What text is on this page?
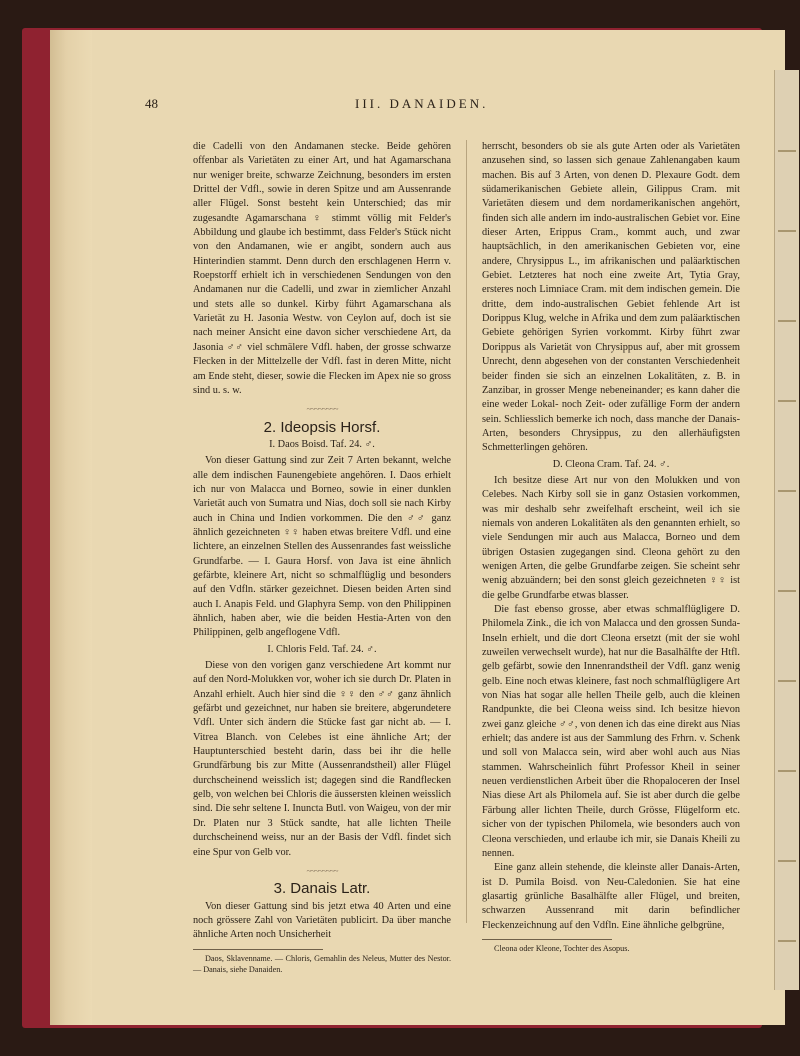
48	III. DANAIDEN.

die Cadelli von den Andamanen stecke. Beide gehören offenbar als Varietäten zu einer Art, und hat Agamarschana nur weniger breite, schwarze Zeichnung, besonders im ersten Drittel der Vdfl., sowie in deren Spitze und am Aussenrande aller Flügel. Sonst besteht kein Unterschied; das mir zugesandte Agamarschana ♀ stimmt völlig mit Felder's Abbildung und glaube ich bestimmt, dass Felder's Stück nicht von den Andamanen, wie er angibt, sondern auch aus Hinterindien stammt. Denn durch den erschlagenen Herrn v. Roepstorff erhielt ich in verschiedenen Sendungen von den Andamanen nur die Cadelli, und zwar in ziemlicher Anzahl und stets alle so dunkel. Kirby führt Agamarschana als Varietät zu H. Jasonia Westw. von Ceylon auf, doch ist sie nach meiner Ansicht eine davon sicher verschiedene Art, da Jasonia ♂♂ viel schmälere Vdfl. haben, der grosse schwarze Flecken in der Mittelzelle der Vdfl. fast in deren Mitte, nicht am Ende steht, dieser, sowie die Flecken im Apex nie so gross sind u. s. w.

~~~~~~~~
2. Ideopsis Horsf.
I. Daos Boisd. Taf. 24. ♂.

Von dieser Gattung sind zur Zeit 7 Arten bekannt, welche alle dem indischen Faunengebiete angehören. I. Daos erhielt ich nur von Malacca und Borneo, sowie in einer dunklen Varietät auch von Sumatra und Nias, doch soll sie nach Kirby auch in China und Indien vorkommen. Die den ♂♂ ganz ähnlich gezeichneten ♀♀ haben etwas breitere Vdfl. und eine lichtere, an einzelnen Stellen des Aussenrandes fast weissliche Grundfarbe. — I. Gaura Horsf. von Java ist eine ähnlich gefärbte, kleinere Art, nicht so schmalflüglig und besonders auf den Vdfln. stärker gezeichnet. Diesen beiden Arten sind auch I. Anapis Feld. und Glaphyra Semp. von den Philippinen ähnlich, haben aber, wie die beiden Hestia-Arten von den Philippinen, gelb angeflogene Vdfl.

I. Chloris Feld. Taf. 24. ♂.

Diese von den vorigen ganz verschiedene Art kommt nur auf den Nord-Molukken vor, woher ich sie durch Dr. Platen in Anzahl erhielt. Auch hier sind die ♀♀ den ♂♂ ganz ähnlich gefärbt und gezeichnet, nur haben sie breitere, abgerundetere Vdfl. Unter sich ändern die Stücke fast gar nicht ab. — I. Vitrea Blanch. von Celebes ist eine ähnliche Art; der Hauptunterschied besteht darin, dass bei ihr die helle Grundfärbung bis zur Mitte (Aussenrandstheil) aller Flügel durchscheinend weisslich ist; dagegen sind die Randflecken gelb, von welchen bei Chloris die äussersten kleinen weisslich sind. Die sehr seltene I. Inuncta Butl. von Waigeu, von der mir Dr. Platen nur 3 Stück sandte, hat alle lichten Theile durchscheinend weiss, nur an der Basis der Vdfl. findet sich eine Spur von Gelb vor.

~~~~~~~~
3. Danais Latr.

Von dieser Gattung sind bis jetzt etwa 40 Arten und eine noch grössere Zahl von Varietäten publicirt. Da über manche ähnliche Arten noch Unsicherheit

Daos, Sklavenname. — Chloris, Gemahlin des Neleus, Mutter des Nestor. — Danais, siehe Danaiden.

herrscht, besonders ob sie als gute Arten oder als Varietäten anzusehen sind, so lassen sich genaue Zahlenangaben kaum machen. Bis auf 3 Arten, von denen D. Plexaure Godt. dem südamerikanischen Gebiete allein, Gilippus Cram. mit Varietäten diesem und dem nordamerikanischen angehört, finden sich alle andern im indo-australischen Gebiet vor. Eine dieser Arten, Erippus Cram., kommt auch, und zwar hauptsächlich, in den amerikanischen Gebieten vor, eine andere, Chrysippus L., im afrikanischen und paläarktischen Gebiet. Letzteres hat noch eine zweite Art, Tytia Gray, ersteres noch Limniace Cram. mit dem indischen gemein. Die dritte, dem indo-australischen Gebiet fehlende Art ist Dorippus Klug, welche in Afrika und dem zum paläarktischen Gebiete gehörigen Syrien vorkommt. Kirby führt zwar Dorippus als Varietät von Chrysippus auf, aber mit grossem Unrecht, denn abgesehen von der constanten Verschiedenheit beider finden sie sich an einzelnen Lokalitäten, z. B. in Zanzibar, in grosser Menge nebeneinander; es kann daher die eine weder Lokal- noch Zeit- oder zufällige Form der andern sein. Schliesslich bemerke ich noch, dass manche der Danais-Arten, besonders Chrysippus, zu den allerhäufigsten Schmetterlingen gehören.

D. Cleona Cram. Taf. 24. ♂.

Ich besitze diese Art nur von den Molukken und von Celebes. Nach Kirby soll sie in ganz Ostasien vorkommen, was mir deshalb sehr zweifelhaft erscheint, weil ich sie niemals von anderen Lokalitäten als den genannten erhielt, so viele Sendungen mir auch aus Malacca, Borneo und dem übrigen Ostasien zugegangen sind. Cleona gehört zu den wenigen Arten, die gelbe Grundfarbe zeigen. Sie scheint sehr wenig abzuändern; bei den sonst gleich gezeichneten ♀♀ ist die gelbe Grundfarbe etwas blasser.

Die fast ebenso grosse, aber etwas schmalflügligere D. Philomela Zink., die ich von Malacca und den grossen Sunda-Inseln erhielt, und die dort Cleona ersetzt (mit der sie wohl zuweilen verwechselt wurde), hat nur die Basalhälfte der Htfl. gelb gefärbt, sowie den Innenrandstheil der Vdfl. ganz wenig gelb. Eine noch etwas kleinere, fast noch schmalflügligere Art von Nias hat sogar alle hellen Theile gelb, auch die kleinen Randpunkte, die bei Cleona weiss sind. Ich besitze hievon zwei ganz gleiche ♂♂, von denen ich das eine direkt aus Nias erhielt; das andere ist aus der Sammlung des Frhrn. v. Schenk und soll von Malacca sein, wird aber wohl auch aus Nias stammen. Wahrscheinlich führt Professor Kheil in seiner neuen verdienstlichen Arbeit über die Rhopaloceren der Insel Nias diese Art als Philomela auf. Sie ist aber durch die gelbe Färbung aller lichten Theile, durch Grösse, Flügelform etc. sicher von der typischen Philomela, wie besonders auch von Cleona verschieden, und erlaube ich mir, sie Danais Kheili zu nennen.

Eine ganz allein stehende, die kleinste aller Danais-Arten, ist D. Pumila Boisd. von Neu-Caledonien. Sie hat eine glasartig grünliche Basalhälfte aller Flügel, und breiten, schwarzen Aussenrand mit darin befindlicher Fleckenzeichnung auf den Vdfln. Eine ähnliche gelbgrüne,

Cleona oder Kleone, Tochter des Asopus.
